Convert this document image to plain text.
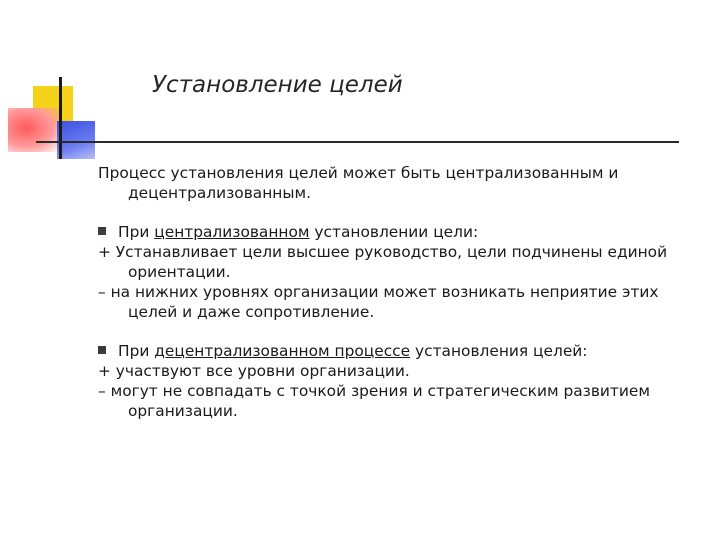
Установление целей

Процесс установления целей может быть централизованным и децентрализованным.

При централизованном установлении цели:

+ Устанавливает цели высшее руководство, цели подчинены единой ориентации.

– на нижних уровнях организации может возникать неприятие этих целей и даже сопротивление.

При децентрализованном процессе установления целей:

+ участвуют все уровни организации.

– могут не совпадать с точкой зрения и стратегическим развитием организации.
